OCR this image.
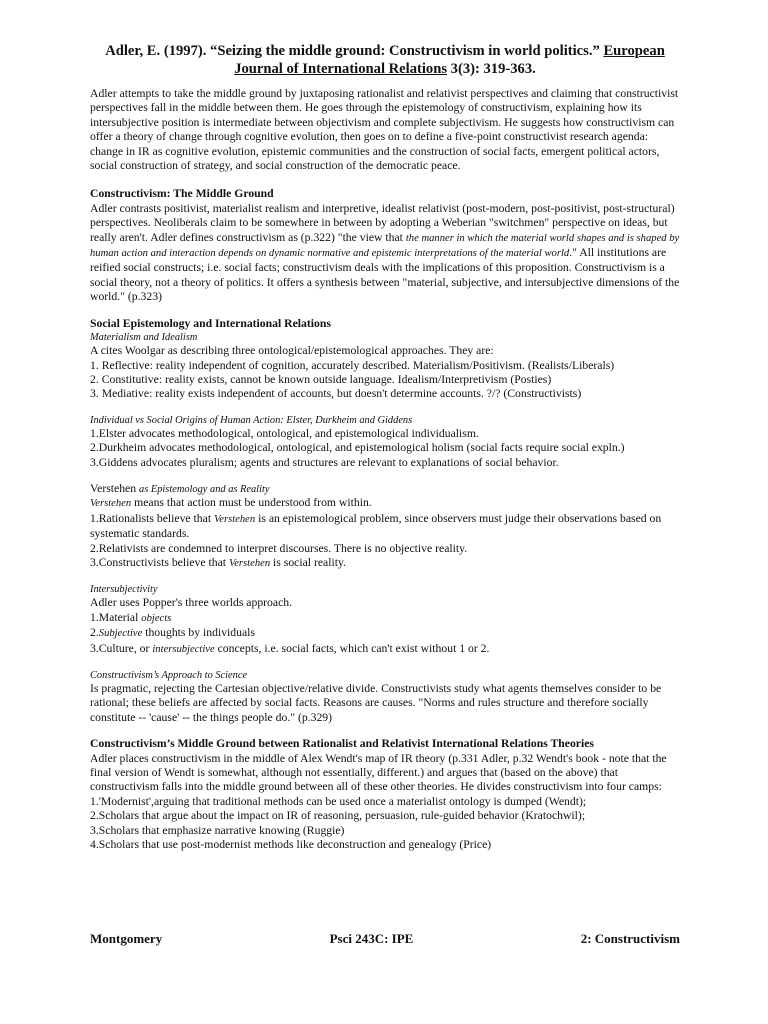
Adler, E. (1997). “Seizing the middle ground: Constructivism in world politics.” European Journal of International Relations 3(3): 319-363.

Adler attempts to take the middle ground by juxtaposing rationalist and relativist perspectives and claiming that constructivist perspectives fall in the middle between them. He goes through the epistemology of constructivism, explaining how its intersubjective position is intermediate between objectivism and complete subjectivism. He suggests how constructivism can offer a theory of change through cognitive evolution, then goes on to define a five-point constructivist research agenda: change in IR as cognitive evolution, epistemic communities and the construction of social facts, emergent political actors, social construction of strategy, and social construction of the democratic peace.

Constructivism: The Middle Ground

Adler contrasts positivist, materialist realism and interpretive, idealist relativist (post-modern, post-positivist, post-structural) perspectives. Neoliberals claim to be somewhere in between by adopting a Weberian "switchmen" perspective on ideas, but really aren't. Adler defines constructivism as (p.322) "the view that the manner in which the material world shapes and is shaped by human action and interaction depends on dynamic normative and epistemic interpretations of the material world." All institutions are reified social constructs; i.e. social facts; constructivism deals with the implications of this proposition. Constructivism is a social theory, not a theory of politics. It offers a synthesis between "material, subjective, and intersubjective dimensions of the world." (p.323)

Social Epistemology and International Relations
Materialism and Idealism
A cites Woolgar as describing three ontological/epistemological approaches. They are:
1. Reflective: reality independent of cognition, accurately described. Materialism/Positivism. (Realists/Liberals)
2. Constitutive: reality exists, cannot be known outside language. Idealism/Interpretivism (Posties)
3. Mediative: reality exists independent of accounts, but doesn't determine accounts. ?/? (Constructivists)
Individual vs Social Origins of Human Action: Elster, Durkheim and Giddens
1.Elster advocates methodological, ontological, and epistemological individualism.
2.Durkheim advocates methodological, ontological, and epistemological holism (social facts require social expln.)
3.Giddens advocates pluralism; agents and structures are relevant to explanations of social behavior.
Verstehen as Epistemology and as Reality
Verstehen means that action must be understood from within.
1.Rationalists believe that Verstehen is an epistemological problem, since observers must judge their observations based on systematic standards.
2.Relativists are condemned to interpret discourses. There is no objective reality.
3.Constructivists believe that Verstehen is social reality.
Intersubjectivity
Adler uses Popper's three worlds approach.
1.Material objects
2.Subjective thoughts by individuals
3.Culture, or intersubjective concepts, i.e. social facts, which can't exist without 1 or 2.
Constructivism’s Approach to Science

Is pragmatic, rejecting the Cartesian objective/relative divide. Constructivists study what agents themselves consider to be rational; these beliefs are affected by social facts. Reasons are causes. "Norms and rules structure and therefore socially constitute -- 'cause' -- the things people do." (p.329)

Constructivism’s Middle Ground between Rationalist and Relativist International Relations Theories

Adler places constructivism in the middle of Alex Wendt's map of IR theory (p.331 Adler, p.32 Wendt's book - note that the final version of Wendt is somewhat, although not essentially, different.) and argues that (based on the above) that constructivism falls into the middle ground between all of these other theories. He divides constructivism into four camps:

1.'Modernist',arguing that traditional methods can be used once a materialist ontology is dumped (Wendt);
2.Scholars that argue about the impact on IR of reasoning, persuasion, rule-guided behavior (Kratochwil);
3.Scholars that emphasize narrative knowing (Ruggie)
4.Scholars that use post-modernist methods like deconstruction and genealogy (Price)
Montgomery	Psci 243C: IPE	2: Constructivism
